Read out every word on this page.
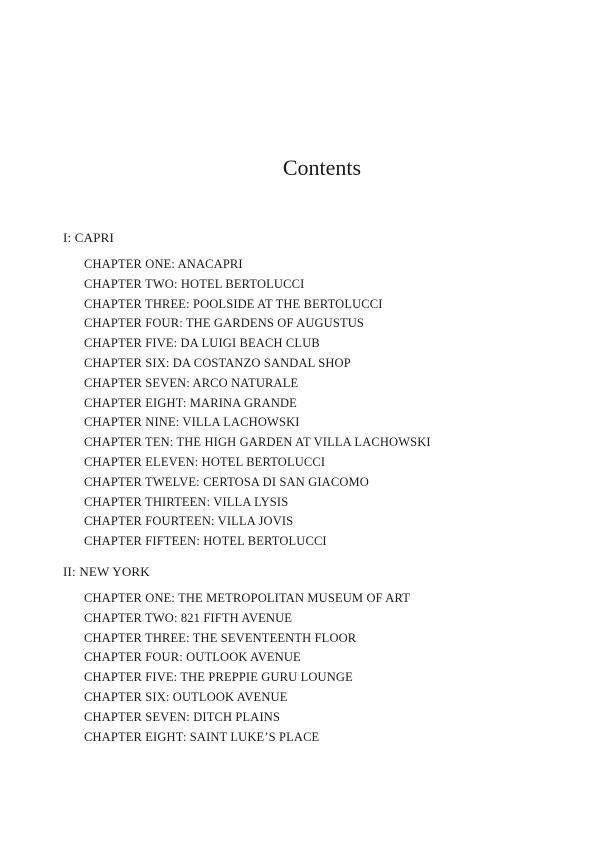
Contents
I: CAPRI
CHAPTER ONE: ANACAPRI
CHAPTER TWO: HOTEL BERTOLUCCI
CHAPTER THREE: POOLSIDE AT THE BERTOLUCCI
CHAPTER FOUR: THE GARDENS OF AUGUSTUS
CHAPTER FIVE: DA LUIGI BEACH CLUB
CHAPTER SIX: DA COSTANZO SANDAL SHOP
CHAPTER SEVEN: ARCO NATURALE
CHAPTER EIGHT: MARINA GRANDE
CHAPTER NINE: VILLA LACHOWSKI
CHAPTER TEN: THE HIGH GARDEN AT VILLA LACHOWSKI
CHAPTER ELEVEN: HOTEL BERTOLUCCI
CHAPTER TWELVE: CERTOSA DI SAN GIACOMO
CHAPTER THIRTEEN: VILLA LYSIS
CHAPTER FOURTEEN: VILLA JOVIS
CHAPTER FIFTEEN: HOTEL BERTOLUCCI
II: NEW YORK
CHAPTER ONE: THE METROPOLITAN MUSEUM OF ART
CHAPTER TWO: 821 FIFTH AVENUE
CHAPTER THREE: THE SEVENTEENTH FLOOR
CHAPTER FOUR: OUTLOOK AVENUE
CHAPTER FIVE: THE PREPPIE GURU LOUNGE
CHAPTER SIX: OUTLOOK AVENUE
CHAPTER SEVEN: DITCH PLAINS
CHAPTER EIGHT: SAINT LUKE’S PLACE
